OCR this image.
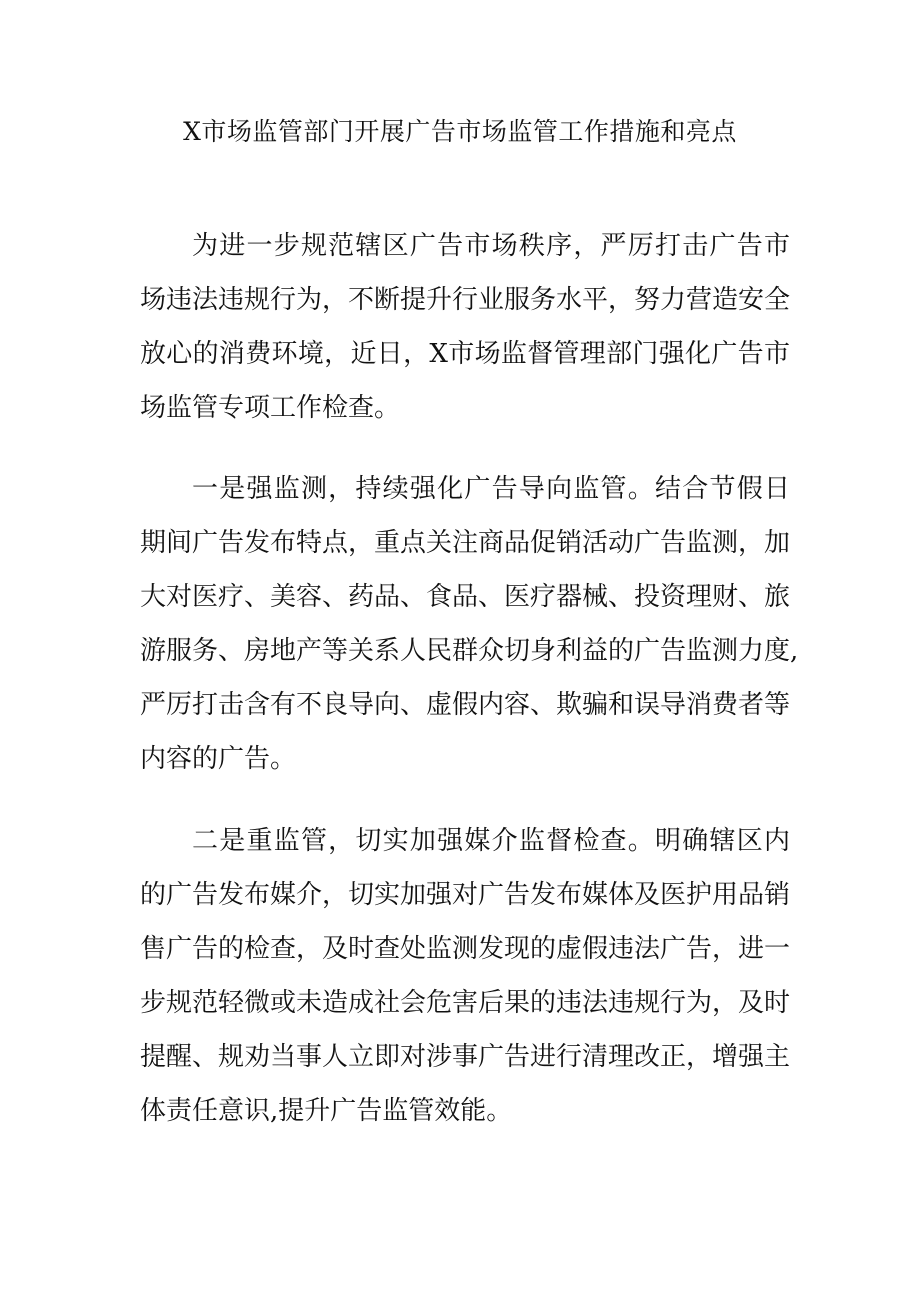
X市场监管部门开展广告市场监管工作措施和亮点
为进一步规范辖区广告市场秩序，严厉打击广告市
场违法违规行为，不断提升行业服务水平，努力营造安全
放心的消费环境，近日，X市场监督管理部门强化广告市
场监管专项工作检查。
一是强监测，持续强化广告导向监管。结合节假日
期间广告发布特点，重点关注商品促销活动广告监测，加
大对医疗、美容、药品、食品、医疗器械、投资理财、旅
游服务、房地产等关系人民群众切身利益的广告监测力度,
严厉打击含有不良导向、虚假内容、欺骗和误导消费者等
内容的广告。
二是重监管，切实加强媒介监督检查。明确辖区内
的广告发布媒介，切实加强对广告发布媒体及医护用品销
售广告的检查，及时查处监测发现的虚假违法广告，进一
步规范轻微或未造成社会危害后果的违法违规行为，及时
提醒、规劝当事人立即对涉事广告进行清理改正，增强主
体责任意识,提升广告监管效能。
